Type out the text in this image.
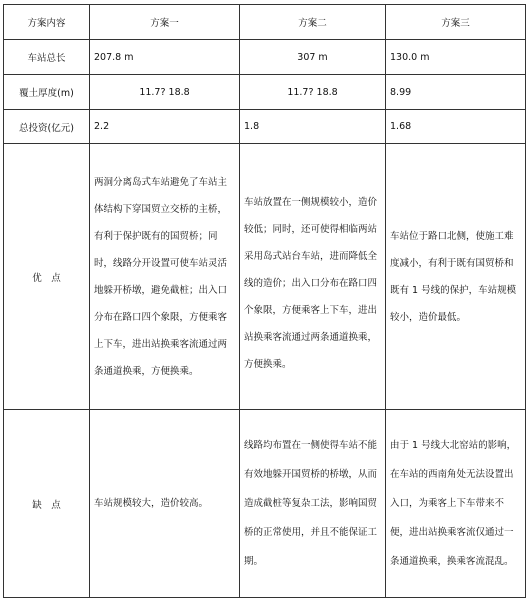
方案内容	方案一	方案二	方案三
车站总长	207.8 m	307 m	130.0 m
覆土厚度(m)	11.7? 18.8	11.7? 18.8	8.99
总投资(亿元)	2.2	1.8	1.68
优　点	两洞分离岛式车站避免了车站主体结构下穿国贸立交桥的主桥，有利于保护既有的国贸桥；同时，线路分开设置可使车站灵活地躲开桥墩，避免截桩；出入口分布在路口四个象限，方便乘客上下车，进出站换乘客流通过两条通道换乘，方便换乘。	车站放置在一侧规模较小，造价较低；同时，还可使得相临两站采用岛式站台车站，进而降低全线的造价；出入口分布在路口四个象限，方便乘客上下车，进出站换乘客流通过两条通道换乘，方便换乘。	车站位于路口北侧，使施工难度减小，有利于既有国贸桥和既有 1 号线的保护，车站规模较小，造价最低。

缺　点	车站规模较大，造价较高。	线路均布置在一侧使得车站不能有效地躲开国贸桥的桥墩，从而造成截桩等复杂工法，影响国贸桥的正常使用，并且不能保证工期。	由于 1 号线大北窑站的影响，在车站的西南角处无法设置出入口，为乘客上下车带来不便，进出站换乘客流仅通过一条通道换乘，换乘客流混乱。
